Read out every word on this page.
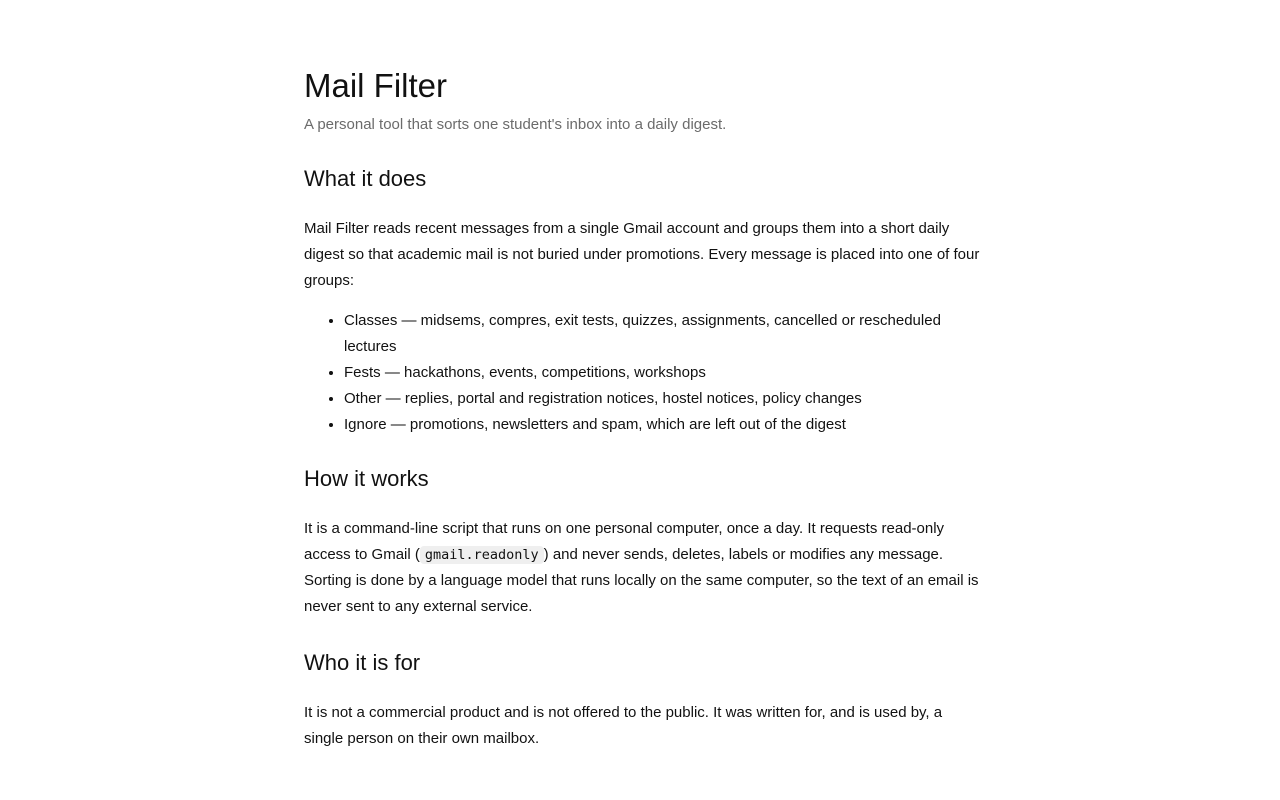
Mail Filter

A personal tool that sorts one student's inbox into a daily digest.

What it does

Mail Filter reads recent messages from a single Gmail account and groups them into a short daily digest so that academic mail is not buried under promotions. Every message is placed into one of four groups:

• Classes — midsems, compres, exit tests, quizzes, assignments, cancelled or rescheduled lectures
• Fests — hackathons, events, competitions, workshops
• Other — replies, portal and registration notices, hostel notices, policy changes
• Ignore — promotions, newsletters and spam, which are left out of the digest
How it works

It is a command-line script that runs on one personal computer, once a day. It requests read-only access to Gmail ( gmail.readonly ) and never sends, deletes, labels or modifies any message. Sorting is done by a language model that runs locally on the same computer, so the text of an email is never sent to any external service.

Who it is for

It is not a commercial product and is not offered to the public. It was written for, and is used by, a single person on their own mailbox.
